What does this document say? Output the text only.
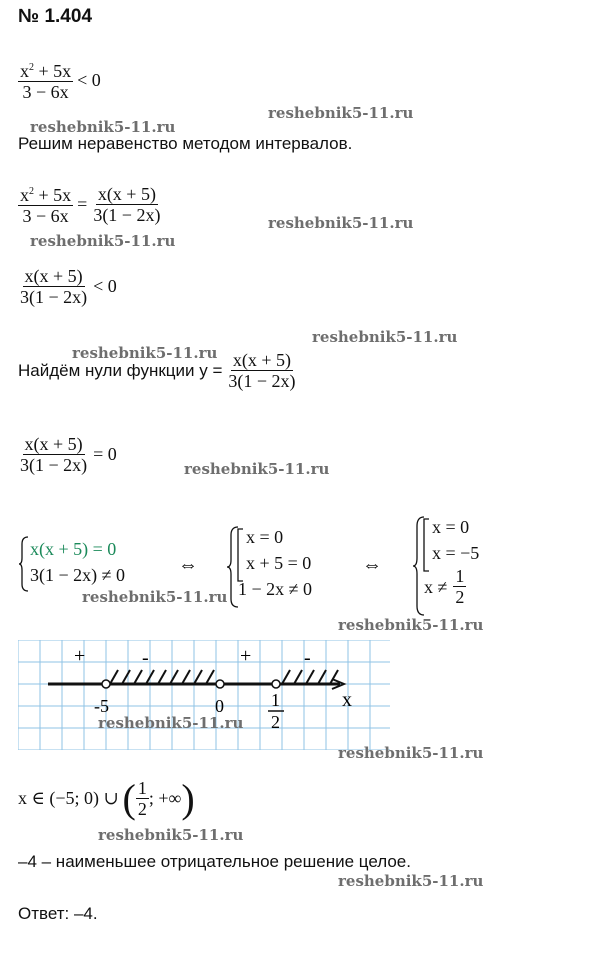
№ 1.404
$\frac{x^2 + 5x}{3 - 6x} < 0$
reshebnik5-11.ru
reshebnik5-11.ru
Решим неравенство методом интервалов.
$\frac{x^2 + 5x}{3 - 6x} = \frac{x(x + 5)}{3(1 - 2x)}$	reshebnik5-11.ru
reshebnik5-11.ru
$\frac{x(x + 5)}{3(1 - 2x)} < 0$
reshebnik5-11.ru
reshebnik5-11.ru
Найдём нули функции $y = \frac{x(x + 5)}{3(1 - 2x)}$
$\frac{x(x + 5)}{3(1 - 2x)} = 0$
reshebnik5-11.ru
x(x + 5) = 0
3(1 − 2x) ≠ 0	⇔
x = 0
x + 5 = 0
1 − 2x ≠ 0
⇔
x = 0
x = −5
$x \ne \frac{1}{2}$
reshebnik5-11.ru
reshebnik5-11.ru
+	-	+	-
-5	0	1
2
x
reshebnik5-11.ru
reshebnik5-11.ru
x ∈ (−5; 0) ∪ ( $\frac{1}{2}$ ; +∞ )
reshebnik5-11.ru
–4 – наименьшее отрицательное решение целое.
reshebnik5-11.ru
Ответ: –4.
